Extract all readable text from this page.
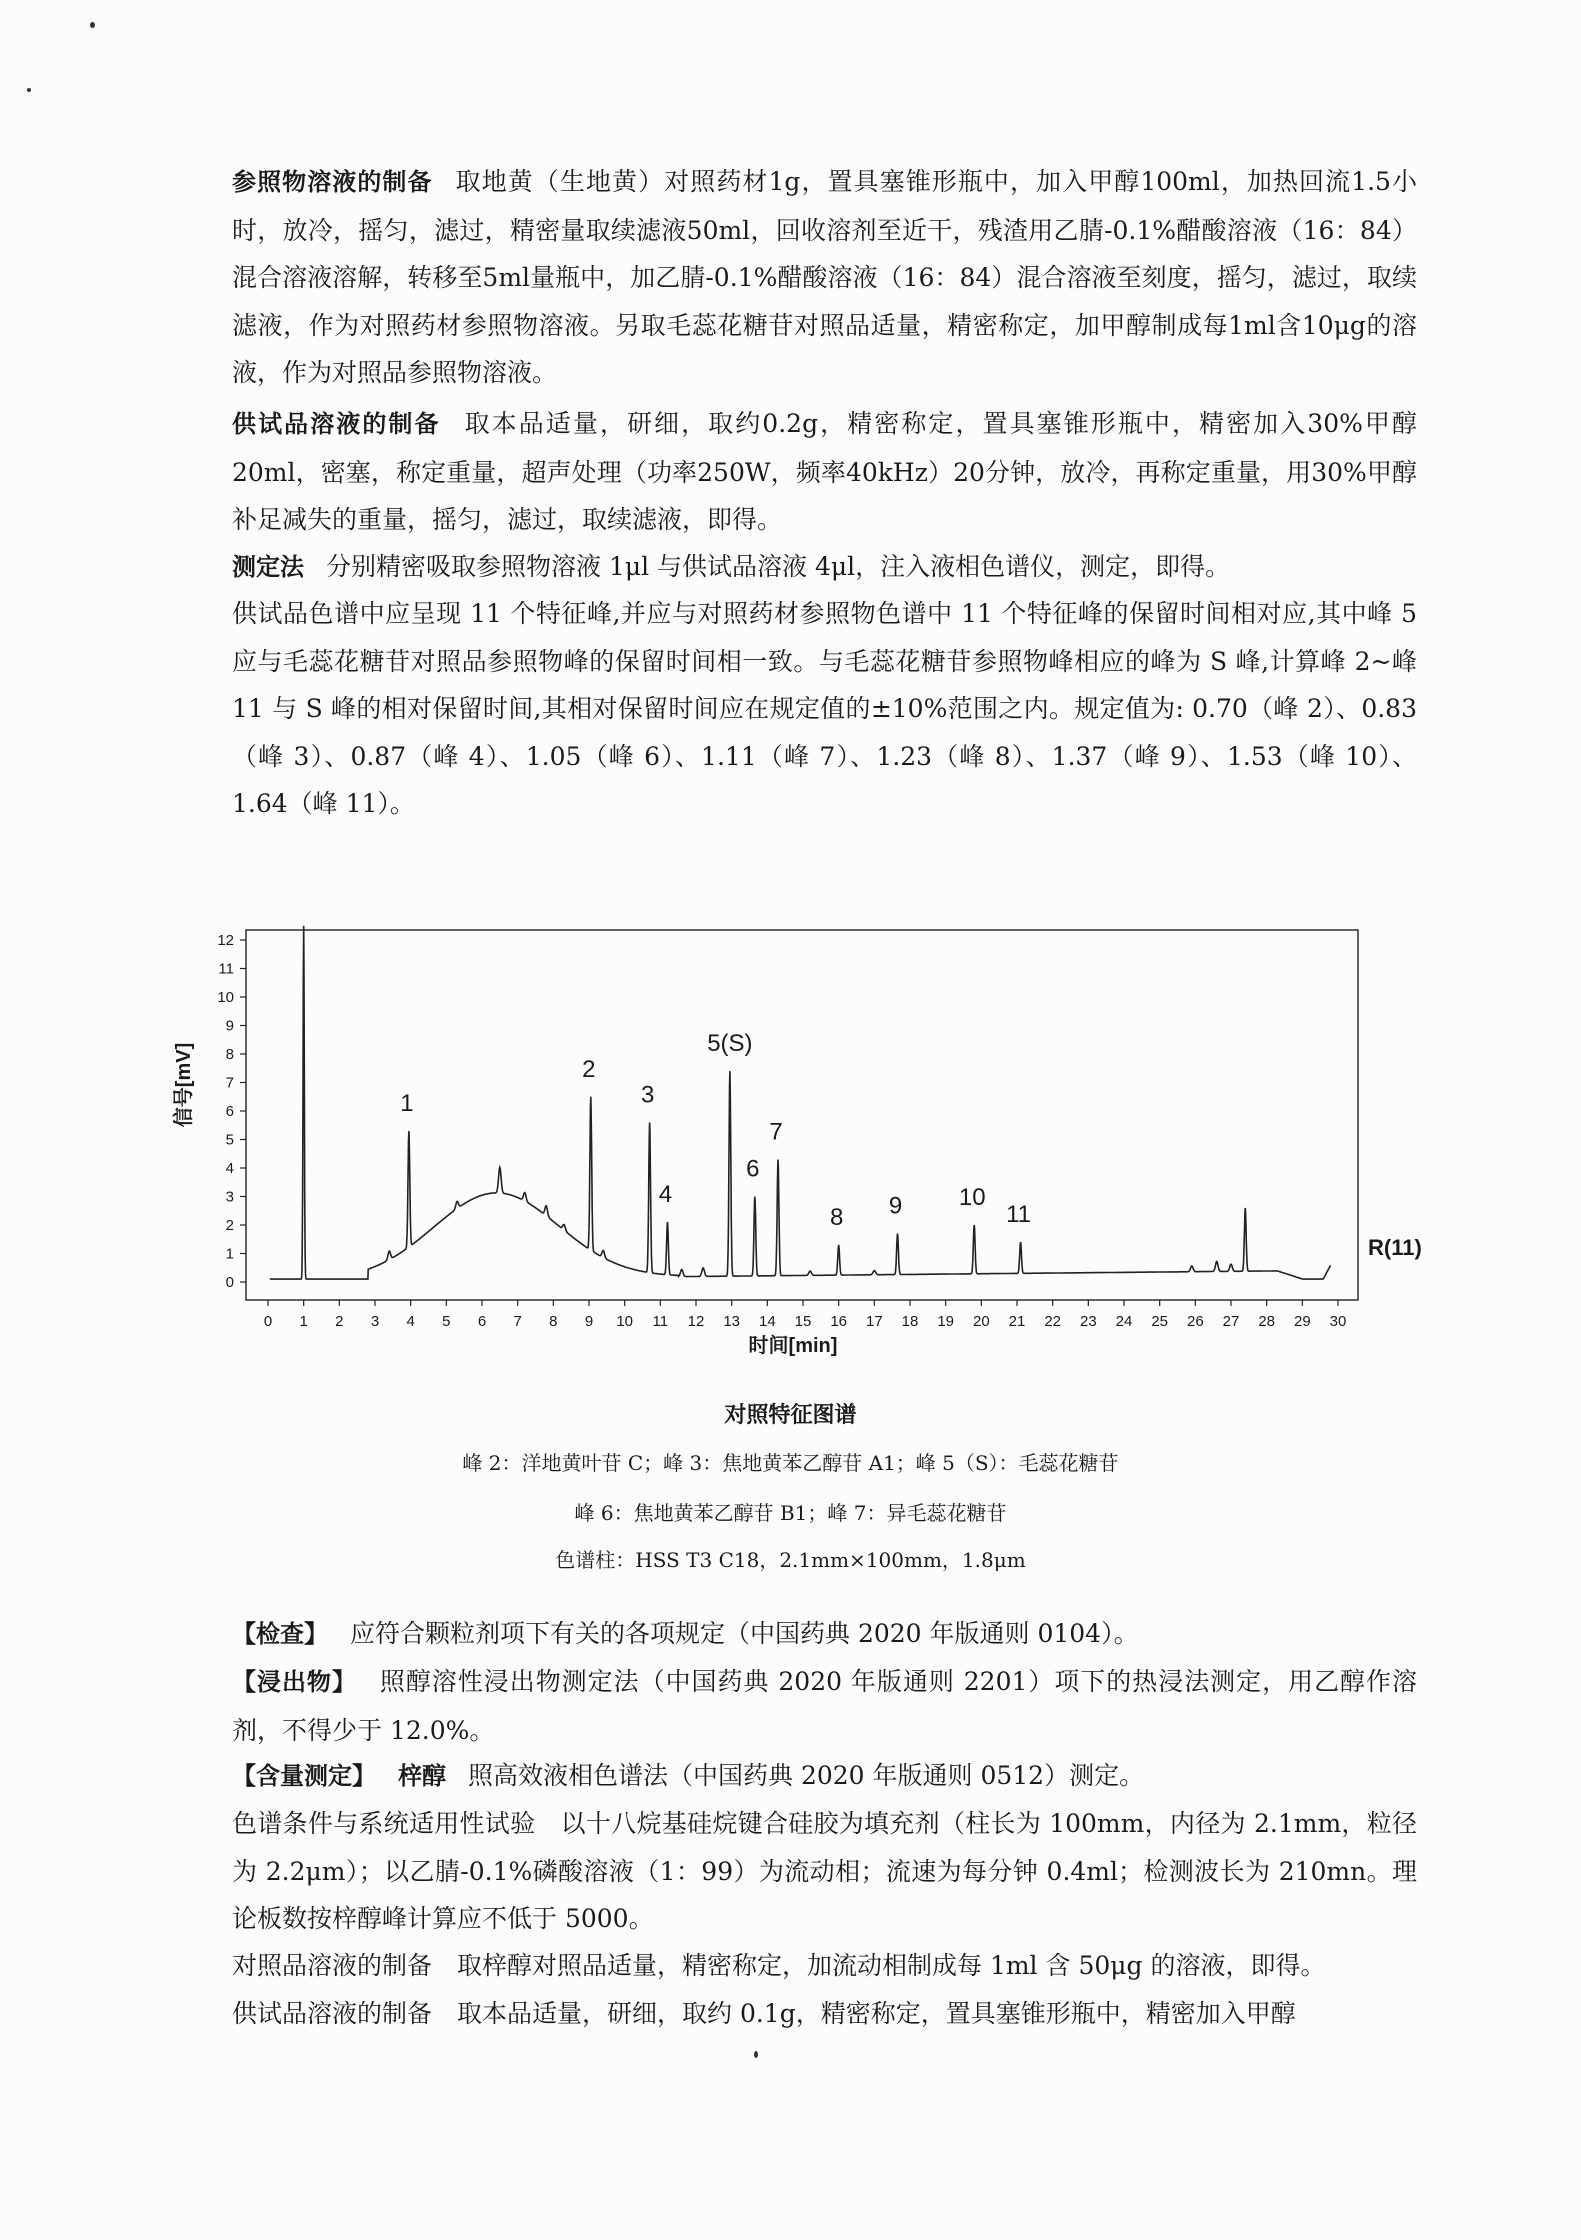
参照物溶液的制备 取地黄（生地黄）对照药材1g，置具塞锥形瓶中，加入甲醇100ml，加热回流1.5小时，放冷，摇匀，滤过，精密量取续滤液50ml，回收溶剂至近干，残渣用乙腈-0.1%醋酸溶液（16：84）混合溶液溶解，转移至5ml量瓶中，加乙腈-0.1%醋酸溶液（16：84）混合溶液至刻度，摇匀，滤过，取续滤液，作为对照药材参照物溶液。另取毛蕊花糖苷对照品适量，精密称定，加甲醇制成每1ml含10μg的溶液，作为对照品参照物溶液。
供试品溶液的制备 取本品适量，研细，取约0.2g，精密称定，置具塞锥形瓶中，精密加入30%甲醇20ml，密塞，称定重量，超声处理（功率250W，频率40kHz）20分钟，放冷，再称定重量，用30%甲醇补足减失的重量，摇匀，滤过，取续滤液，即得。
测定法 分别精密吸取参照物溶液 1μl 与供试品溶液 4μl，注入液相色谱仪，测定，即得。
供试品色谱中应呈现 11 个特征峰,并应与对照药材参照物色谱中 11 个特征峰的保留时间相对应,其中峰 5 应与毛蕊花糖苷对照品参照物峰的保留时间相一致。与毛蕊花糖苷参照物峰相应的峰为 S 峰,计算峰 2~峰 11 与 S 峰的相对保留时间,其相对保留时间应在规定值的±10%范围之内。规定值为: 0.70（峰 2）、0.83（峰 3）、0.87（峰 4）、1.05（峰 6）、1.11（峰 7）、1.23（峰 8）、1.37（峰 9）、1.53（峰 10）、1.64（峰 11）。
0 1 2 3 4 5 6 7 8 9 10 11 12 13 14 15 16 17 18 19 20 21 22 23 24 25 26 27 28 29 30
0
1
2
3
4
5
6
7
8
9
10
11
12
1
2
3
4
5(S)
6
7
8 9 10
11
R(11)
时间[min]
信号[mV]
对照特征图谱
峰 2：洋地黄叶苷 C；峰 3：焦地黄苯乙醇苷 A1；峰 5（S）：毛蕊花糖苷
峰 6：焦地黄苯乙醇苷 B1；峰 7：异毛蕊花糖苷
色谱柱：HSS T3 C18，2.1mm×100mm，1.8μm
【检查】 应符合颗粒剂项下有关的各项规定（中国药典 2020 年版通则 0104）。
【浸出物】 照醇溶性浸出物测定法（中国药典 2020 年版通则 2201）项下的热浸法测定，用乙醇作溶剂，不得少于 12.0%。
【含量测定】 梓醇 照高效液相色谱法（中国药典 2020 年版通则 0512）测定。
色谱条件与系统适用性试验　以十八烷基硅烷键合硅胶为填充剂（柱长为 100mm，内径为 2.1mm，粒径为 2.2μm）；以乙腈-0.1%磷酸溶液（1：99）为流动相；流速为每分钟 0.4ml；检测波长为 210mn。理论板数按梓醇峰计算应不低于 5000。
对照品溶液的制备　取梓醇对照品适量，精密称定，加流动相制成每 1ml 含 50μg 的溶液，即得。
供试品溶液的制备　取本品适量，研细，取约 0.1g，精密称定，置具塞锥形瓶中，精密加入甲醇
